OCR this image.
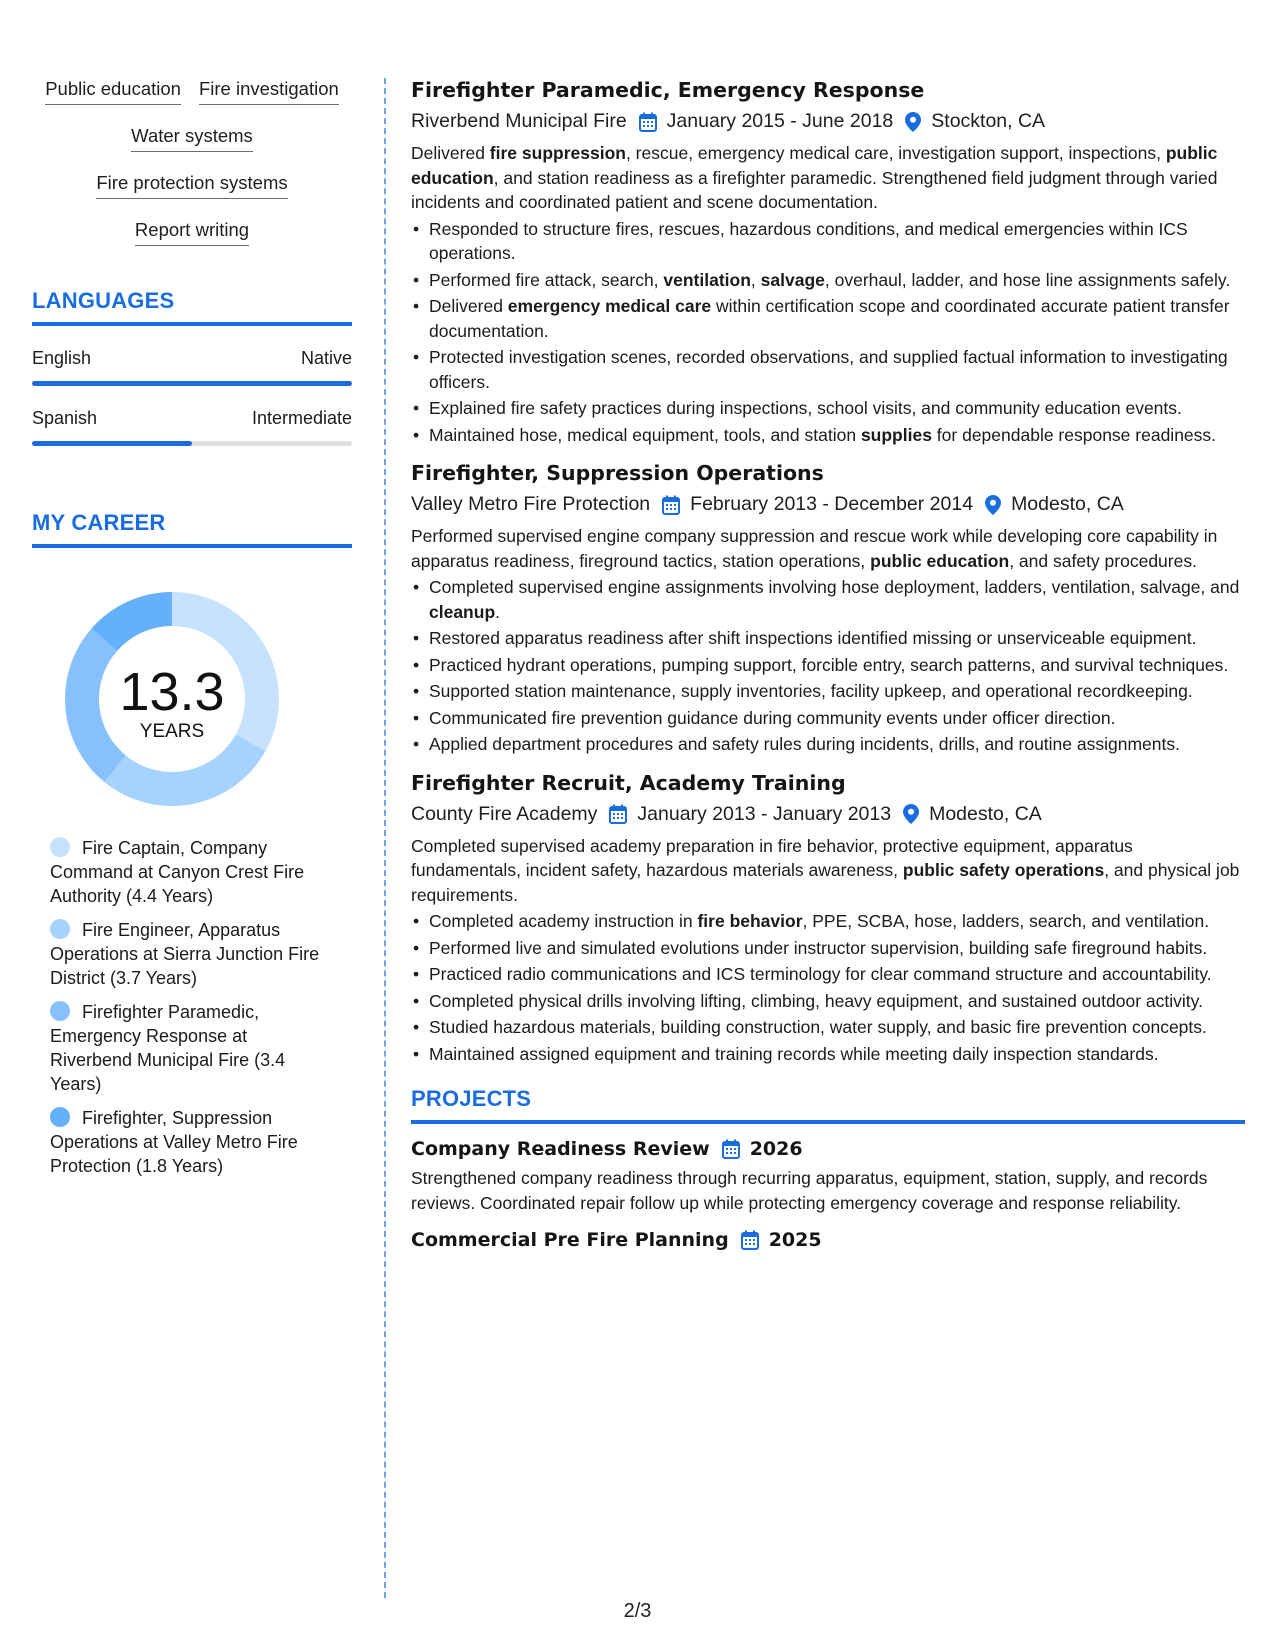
Public education Fire investigation
Water systems
Fire protection systems
Report writing
LANGUAGES
English	Native
Spanish	Intermediate
MY CAREER
13.3
YEARS
Fire Captain, Company Command at Canyon Crest Fire Authority (4.4 Years)
Fire Engineer, Apparatus Operations at Sierra Junction Fire District (3.7 Years)
Firefighter Paramedic, Emergency Response at Riverbend Municipal Fire (3.4 Years)
Firefighter, Suppression Operations at Valley Metro Fire Protection (1.8 Years)
Firefighter Paramedic, Emergency Response
Riverbend Municipal Fire January 2015 - June 2018 Stockton, CA
Delivered fire suppression, rescue, emergency medical care, investigation support, inspections, public education, and station readiness as a firefighter paramedic. Strengthened field judgment through varied incidents and coordinated patient and scene documentation.
• Responded to structure fires, rescues, hazardous conditions, and medical emergencies within ICS operations.
• Performed fire attack, search, ventilation, salvage, overhaul, ladder, and hose line assignments safely.
• Delivered emergency medical care within certification scope and coordinated accurate patient transfer documentation.
• Protected investigation scenes, recorded observations, and supplied factual information to investigating officers.
• Explained fire safety practices during inspections, school visits, and community education events.
• Maintained hose, medical equipment, tools, and station supplies for dependable response readiness.
Firefighter, Suppression Operations
Valley Metro Fire Protection February 2013 - December 2014 Modesto, CA
Performed supervised engine company suppression and rescue work while developing core capability in apparatus readiness, fireground tactics, station operations, public education, and safety procedures.
• Completed supervised engine assignments involving hose deployment, ladders, ventilation, salvage, and cleanup.
• Restored apparatus readiness after shift inspections identified missing or unserviceable equipment.
• Practiced hydrant operations, pumping support, forcible entry, search patterns, and survival techniques.
• Supported station maintenance, supply inventories, facility upkeep, and operational recordkeeping.
• Communicated fire prevention guidance during community events under officer direction.
• Applied department procedures and safety rules during incidents, drills, and routine assignments.
Firefighter Recruit, Academy Training
County Fire Academy January 2013 - January 2013 Modesto, CA
Completed supervised academy preparation in fire behavior, protective equipment, apparatus fundamentals, incident safety, hazardous materials awareness, public safety operations, and physical job requirements.
• Completed academy instruction in fire behavior, PPE, SCBA, hose, ladders, search, and ventilation.
• Performed live and simulated evolutions under instructor supervision, building safe fireground habits.
• Practiced radio communications and ICS terminology for clear command structure and accountability.
• Completed physical drills involving lifting, climbing, heavy equipment, and sustained outdoor activity.
• Studied hazardous materials, building construction, water supply, and basic fire prevention concepts.
• Maintained assigned equipment and training records while meeting daily inspection standards.
PROJECTS
Company Readiness Review 2026
Strengthened company readiness through recurring apparatus, equipment, station, supply, and records reviews. Coordinated repair follow up while protecting emergency coverage and response reliability.
Commercial Pre Fire Planning 2025
2/3
